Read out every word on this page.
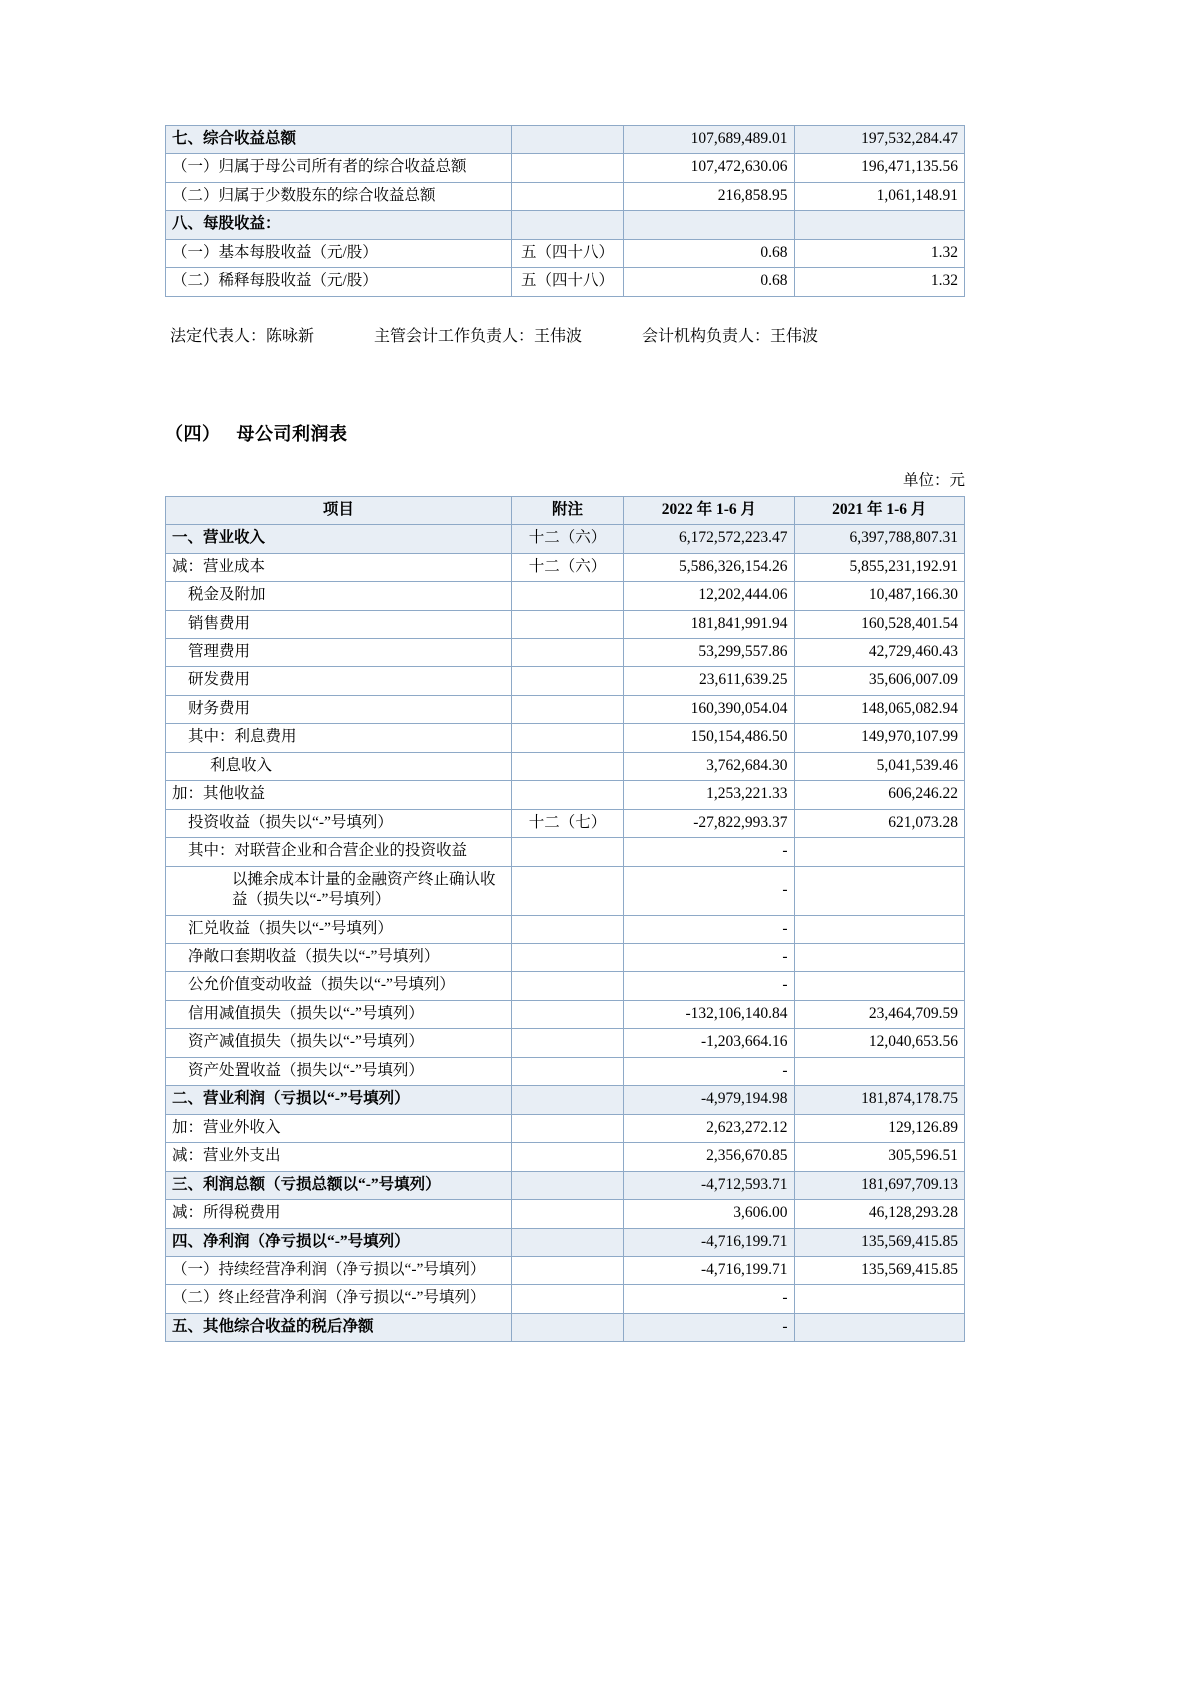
七、综合收益总额		107,689,489.01	197,532,284.47
（一）归属于母公司所有者的综合收益总额		107,472,630.06	196,471,135.56
（二）归属于少数股东的综合收益总额		216,858.95	1,061,148.91
八、每股收益：			
（一）基本每股收益（元/股）	五（四十八）	0.68	1.32
（二）稀释每股收益（元/股）	五（四十八）	0.68	1.32
法定代表人：陈咏新	主管会计工作负责人：王伟波	会计机构负责人：王伟波
（四） 母公司利润表
单位：元
项目	附注	2022 年 1-6 月	2021 年 1-6 月
一、营业收入	十二（六）	6,172,572,223.47	6,397,788,807.31
减：营业成本	十二（六）	5,586,326,154.26	5,855,231,192.91
税金及附加		12,202,444.06	10,487,166.30
销售费用		181,841,991.94	160,528,401.54
管理费用		53,299,557.86	42,729,460.43
研发费用		23,611,639.25	35,606,007.09
财务费用		160,390,054.04	148,065,082.94
其中：利息费用		150,154,486.50	149,970,107.99
利息收入		3,762,684.30	5,041,539.46
加：其他收益		1,253,221.33	606,246.22
投资收益（损失以“-”号填列）	十二（七）	-27,822,993.37	621,073.28
其中：对联营企业和合营企业的投资收益		-	
以摊余成本计量的金融资产终止确认收益（损失以“-”号填列）		-	
汇兑收益（损失以“-”号填列）		-	
净敞口套期收益（损失以“-”号填列）		-	
公允价值变动收益（损失以“-”号填列）		-	
信用减值损失（损失以“-”号填列）		-132,106,140.84	23,464,709.59
资产减值损失（损失以“-”号填列）		-1,203,664.16	12,040,653.56
资产处置收益（损失以“-”号填列）		-	
二、营业利润（亏损以“-”号填列）		-4,979,194.98	181,874,178.75
加：营业外收入		2,623,272.12	129,126.89
减：营业外支出		2,356,670.85	305,596.51
三、利润总额（亏损总额以“-”号填列）		-4,712,593.71	181,697,709.13
减：所得税费用		3,606.00	46,128,293.28
四、净利润（净亏损以“-”号填列）		-4,716,199.71	135,569,415.85
（一）持续经营净利润（净亏损以“-”号填列）		-4,716,199.71	135,569,415.85
（二）终止经营净利润（净亏损以“-”号填列）		-	
五、其他综合收益的税后净额		-	
